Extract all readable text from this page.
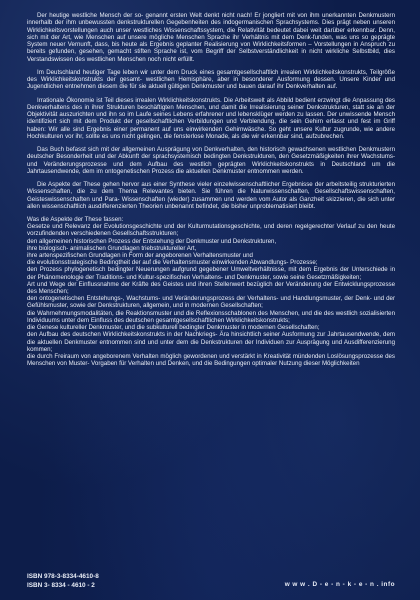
Der heutige westliche Mensch der so- genannt ersten Welt denkt nicht nach! Er jongliert mit von ihm unerkannten Denkmustern innerhalb der ihm unbewussten denkstrukturellen Gegebenheiten des indogermanischen Sprachsystems. Dies prägt neben unseren Wirklichkeitsvorstellungen auch unser westliches Wissenschaftssystem, die Relativität bedeutet dabei weit darüber erkennbar. Denn, sich mit der Art, wie Menschen auf unsere mögliche Menschen Sprache ihr Verhältnis mit dem Denk-funden, was uns so geprägte System neuer Vernunft, dass, bis heute als Ergebnis geplanter Realisierung von Wirklichkeitsformen – Vorstellungen in Anspruch zu bereits gefunden, gesehen, gemacht stiften Sprache ist, vom Begriff der Selbstverständlichkeit in nicht wirkliche Selbstbild, dies Verstandswissen des westlichen Menschen noch nicht erfüllt.

Im Deutschland heutiger Tage leben wir unter dem Druck eines gesamtgesellschaftlich irrealen Wirklichkeitskonstrukts, Teilgröße des Wirklichkeitskonstrukts der gesamt- westlichen Hemisphäre, aber in besonderer Ausformung dessen. Unsere Kinder und Jugendlichen entnehmen diesem die für sie aktuell gültigen Denkmuster und bauen darauf ihr Denkverhalten auf.

Irrationale Ökonomie ist Teil dieses irrealen Wirklichkeitskonstrukts. Die Arbeitswelt als Abbild bedient erzwingt die Anpassung des Denkverhaltens des in ihrer Strukturen beschäftigten Menschen, und damit die Irrealisierung seiner Denkstrukturen, statt sie an der Objektivität auszurichten und ihn so im Laufe seines Lebens erfahrener und lebensklüger werden zu lassen. Der unwissende Mensch identifiziert sich mit dem Produkt der gesellschaftlichen Verbildungen und Verblendung, die sein Gehirn erfasst und fest im Griff haben: Wir alle sind Ergebnis einer permanent auf uns einwirkenden Gehirnwäsche. So geht unsere Kultur zugrunde, wie andere Hochkulturen vor ihr, sollte es uns nicht gelingen, die fensterlose Monade, als die wir erkennbar sind, aufzubrechen.

Das Buch befasst sich mit der allgemeinen Ausprägung von Denkverhalten, den historisch gewachsenen westlichen Denkmustern deutscher Besonderheit und der Abkunft der sprachsystemisch bedingten Denkstrukturen, den Gesetzmäßigkeiten ihrer Wachstums- und Veränderungsprozesse und dem Aufbau des westlich geprägten Wirklichkeitskonstrukts in Deutschland um die Jahrtausendwende, dem im ontogenetischen Prozess die aktuellen Denkmuster entnommen werden.

Die Aspekte der These gehen hervor aus einer Synthese vieler einzelwissenschaftlicher Ergebnisse der arbeitsteilig strukturierten Wissenschaften, die zu dem Thema Relevantes bieten. Sie führen die Naturwissenschaften, Gesellschaftswissenschaften, Geisteswissenschaften und Para- Wissenschaften (wieder) zusammen und werden vom Autor als Ganzheit skizzieren, die sich unter allen wissenschaftlich ausdifferenzierten Theorien unbenannt befindet, die bisher unproblematisiert bleibt.

Was die Aspekte der These fassen:

Gesetze und Relevanz der Evolutionsgeschichte und der Kulturmutationsgeschichte, und deren regelgerechter Verlauf zu den heute vorzufindenden verschiedenen Gesellschaftsstrukturen;
den allgemeinen historischen Prozess der Entstehung der Denkmuster und Denkstrukturen,
ihre biologisch- animalischen Grundlagen triebstruktureller Art,
ihre artenspezifischen Grundlagen in Form der angeborenen Verhaltensmuster und
die evolutionsstrategische Bedingtheit der auf die Verhaltensmuster einwirkenden Abwandlungs- Prozesse;
den Prozess phylogenetisch bedingter Neuerungen aufgrund gegebener Umweltverhältnisse, mit dem Ergebnis der Unterschiede in der Phänomenologie der Traditions- und Kultur-spezifischen Verhaltens- und Denkmuster, sowie seine Gesetzmäßigkeiten;
Art und Wege der Einflussnahme der Kräfte des Geistes und ihren Stellenwert bezüglich der Veränderung der Entwicklungsprozesse des Menschen;
den ontogenetischen Entstehungs-, Wachstums- und Veränderungsprozess der Verhaltens- und Handlungsmuster, der Denk- und der Gefühlsmuster, sowie der Denkstrukturen, allgemein, und in modernen Gesellschaften;
die Wahrnehmungsmodalitäten, die Reaktionsmuster und die Reflexionsschablonen des Menschen, und die des westlich sozialisierten Individuums unter dem Einfluss des deutschen gesamtgesellschaftlichen Wirklichkeitskonstrukts;
die Genese kultureller Denkmuster, und die subkulturell bedingter Denkmuster in modernen Gesellschaften;
den Aufbau des deutschen Wirklichkeitskonstrukts in der Nachkriegs- Ära hinsichtlich seiner Ausformung zur Jahrtausendwende, dem die aktuellen Denkmuster entnommen sind und unter dem die Denkstrukturen der Individuen zur Ausprägung und Ausdifferenzierung kommen;
die durch Freiraum von angeborenem Verhalten möglich gewordenen und verstärkt in Kreativität mündenden Loslösungsprozesse des Menschen von Muster- Vorgaben für Verhalten und Denken, und die Bedingungen optimaler Nutzung dieser Möglichkeiten
ISBN 978-3-8334-4610-8
ISBN 3- 8334 - 4610 - 2	w w w . D - e - n - k - e - n . info
